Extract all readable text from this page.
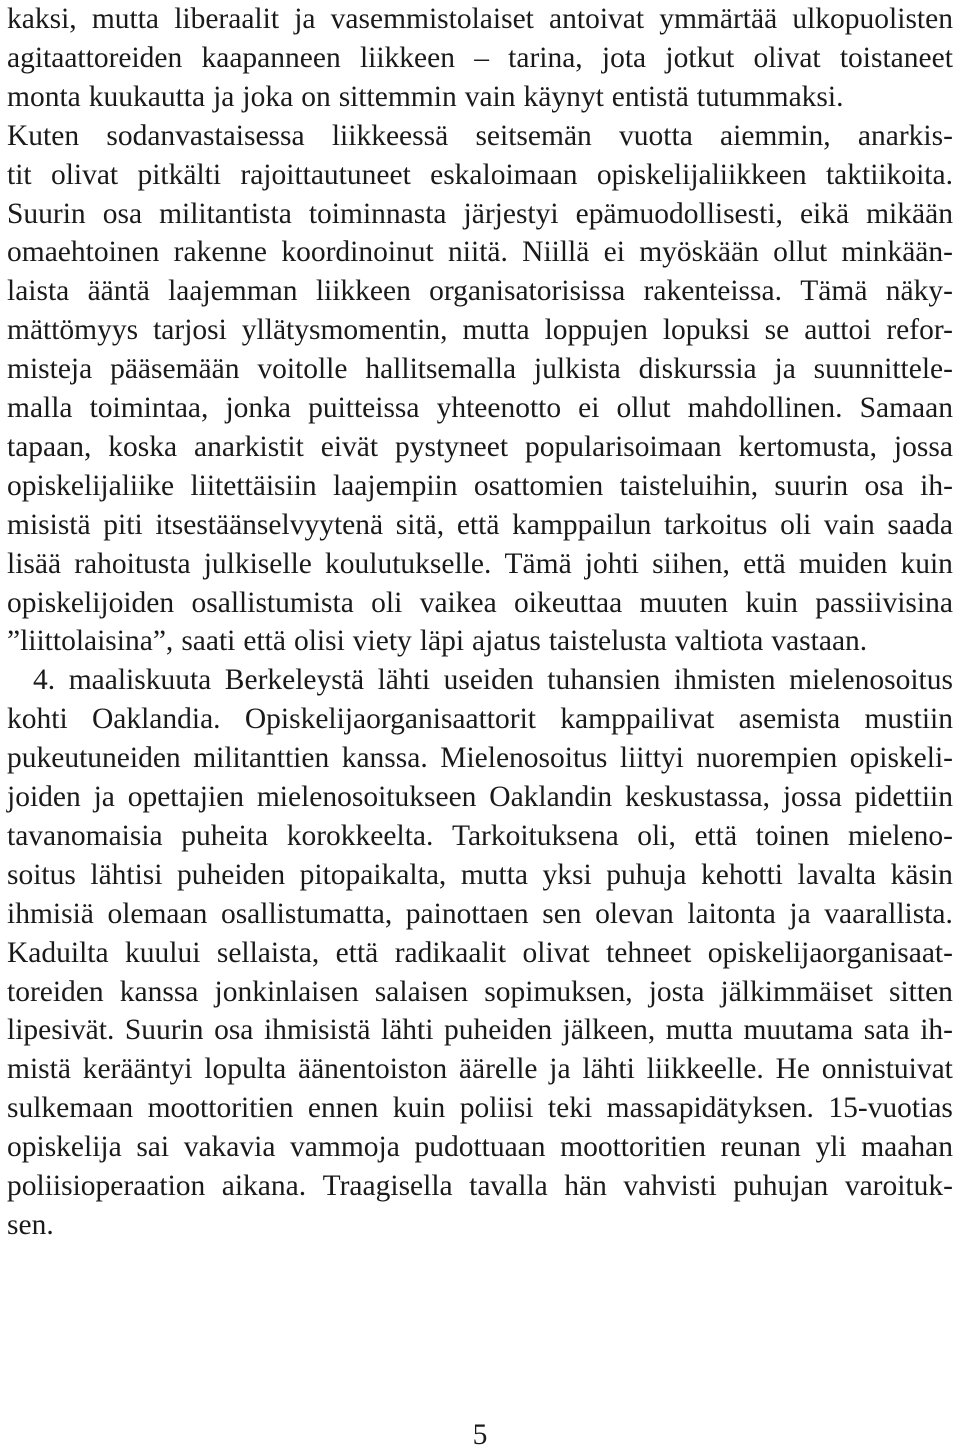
kaksi, mutta liberaalit ja vasemmistolaiset antoivat ymmärtää ulkopuolisten
agitaattoreiden kaapanneen liikkeen – tarina, jota jotkut olivat toistaneet
monta kuukautta ja joka on sittemmin vain käynyt entistä tutummaksi.
Kuten sodanvastaisessa liikkeessä seitsemän vuotta aiemmin, anarkis-
tit olivat pitkälti rajoittautuneet eskaloimaan opiskelijaliikkeen taktiikoita.
Suurin osa militantista toiminnasta järjestyi epämuodollisesti, eikä mikään
omaehtoinen rakenne koordinoinut niitä. Niillä ei myöskään ollut minkään-
laista ääntä laajemman liikkeen organisatorisissa rakenteissa. Tämä näky-
mättömyys tarjosi yllätysmomentin, mutta loppujen lopuksi se auttoi refor-
misteja pääsemään voitolle hallitsemalla julkista diskurssia ja suunnittele-
malla toimintaa, jonka puitteissa yhteenotto ei ollut mahdollinen. Samaan
tapaan, koska anarkistit eivät pystyneet popularisoimaan kertomusta, jossa
opiskelijaliike liitettäisiin laajempiin osattomien taisteluihin, suurin osa ih-
misistä piti itsestäänselvyytenä sitä, että kamppailun tarkoitus oli vain saada
lisää rahoitusta julkiselle koulutukselle. Tämä johti siihen, että muiden kuin
opiskelijoiden osallistumista oli vaikea oikeuttaa muuten kuin passiivisina
”liittolaisina”, saati että olisi viety läpi ajatus taistelusta valtiota vastaan.
4. maaliskuuta Berkeleystä lähti useiden tuhansien ihmisten mielenosoitus
kohti Oaklandia. Opiskelijaorganisaattorit kamppailivat asemista mustiin
pukeutuneiden militanttien kanssa. Mielenosoitus liittyi nuorempien opiskeli-
joiden ja opettajien mielenosoitukseen Oaklandin keskustassa, jossa pidettiin
tavanomaisia puheita korokkeelta. Tarkoituksena oli, että toinen mieleno-
soitus lähtisi puheiden pitopaikalta, mutta yksi puhuja kehotti lavalta käsin
ihmisiä olemaan osallistumatta, painottaen sen olevan laitonta ja vaarallista.
Kaduilta kuului sellaista, että radikaalit olivat tehneet opiskelijaorganisaat-
toreiden kanssa jonkinlaisen salaisen sopimuksen, josta jälkimmäiset sitten
lipesivät. Suurin osa ihmisistä lähti puheiden jälkeen, mutta muutama sata ih-
mistä kerääntyi lopulta äänentoiston äärelle ja lähti liikkeelle. He onnistuivat
sulkemaan moottoritien ennen kuin poliisi teki massapidätyksen. 15-vuotias
opiskelija sai vakavia vammoja pudottuaan moottoritien reunan yli maahan
poliisioperaation aikana. Traagisella tavalla hän vahvisti puhujan varoituk-
sen.
5
